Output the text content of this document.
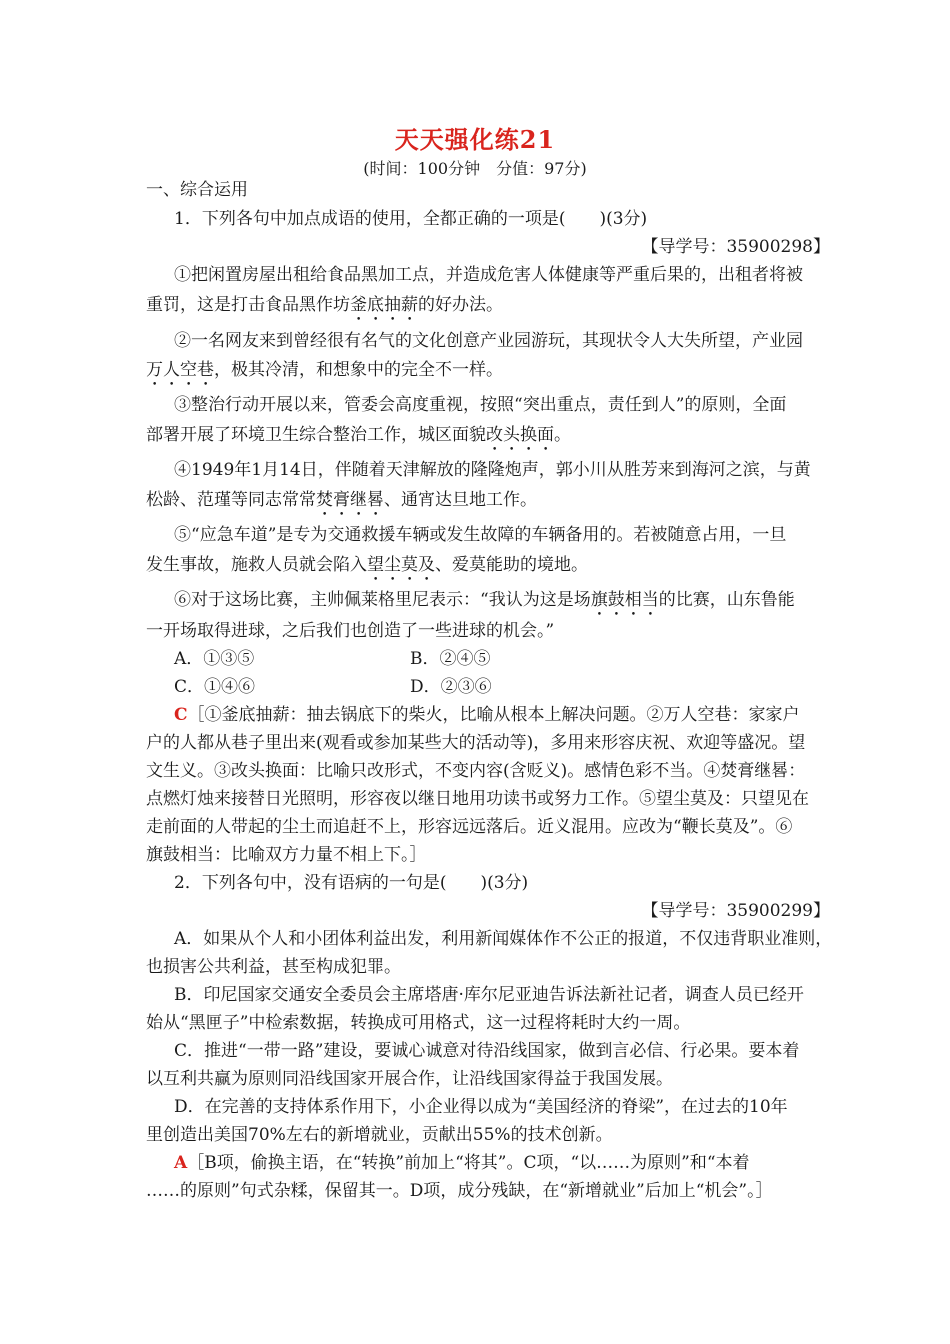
天天强化练21
(时间：100分钟　分值：97分)
一、综合运用
1．下列各句中加点成语的使用，全都正确的一项是(　　)(3分)
【导学号：35900298】
①把闲置房屋出租给食品黑加工点，并造成危害人体健康等严重后果的，出租者将被
重罚，这是打击食品黑作坊釜底抽薪的好办法。
②一名网友来到曾经很有名气的文化创意产业园游玩，其现状令人大失所望，产业园
万人空巷，极其冷清，和想象中的完全不一样。
③整治行动开展以来，管委会高度重视，按照“突出重点，责任到人”的原则，全面
部署开展了环境卫生综合整治工作，城区面貌改头换面。
④1949年1月14日，伴随着天津解放的隆隆炮声，郭小川从胜芳来到海河之滨，与黄
松龄、范瑾等同志常常焚膏继晷、通宵达旦地工作。
⑤“应急车道”是专为交通救援车辆或发生故障的车辆备用的。若被随意占用，一旦
发生事故，施救人员就会陷入望尘莫及、爱莫能助的境地。
⑥对于这场比赛，主帅佩莱格里尼表示：“我认为这是场旗鼓相当的比赛，山东鲁能
一开场取得进球，之后我们也创造了一些进球的机会。”
A．①③⑤	B．②④⑤
C．①④⑥	D．②③⑥
C［①釜底抽薪：抽去锅底下的柴火，比喻从根本上解决问题。②万人空巷：家家户
户的人都从巷子里出来(观看或参加某些大的活动等)，多用来形容庆祝、欢迎等盛况。望
文生义。③改头换面：比喻只改形式，不变内容(含贬义)。感情色彩不当。④焚膏继晷：
点燃灯烛来接替日光照明，形容夜以继日地用功读书或努力工作。⑤望尘莫及：只望见在
走前面的人带起的尘土而追赶不上，形容远远落后。近义混用。应改为“鞭长莫及”。⑥
旗鼓相当：比喻双方力量不相上下。］
2．下列各句中，没有语病的一句是(　　)(3分)
【导学号：35900299】
A．如果从个人和小团体利益出发，利用新闻媒体作不公正的报道，不仅违背职业准则，
也损害公共利益，甚至构成犯罪。
B．印尼国家交通安全委员会主席塔唐·库尔尼亚迪告诉法新社记者，调查人员已经开
始从“黑匣子”中检索数据，转换成可用格式，这一过程将耗时大约一周。
C．推进“一带一路”建设，要诚心诚意对待沿线国家，做到言必信、行必果。要本着
以互利共赢为原则同沿线国家开展合作，让沿线国家得益于我国发展。
D．在完善的支持体系作用下，小企业得以成为“美国经济的脊梁”，在过去的10年
里创造出美国70%左右的新增就业，贡献出55%的技术创新。
A［B项，偷换主语，在“转换”前加上“将其”。C项，“以……为原则”和“本着
……的原则”句式杂糅，保留其一。D项，成分残缺，在“新增就业”后加上“机会”。］
